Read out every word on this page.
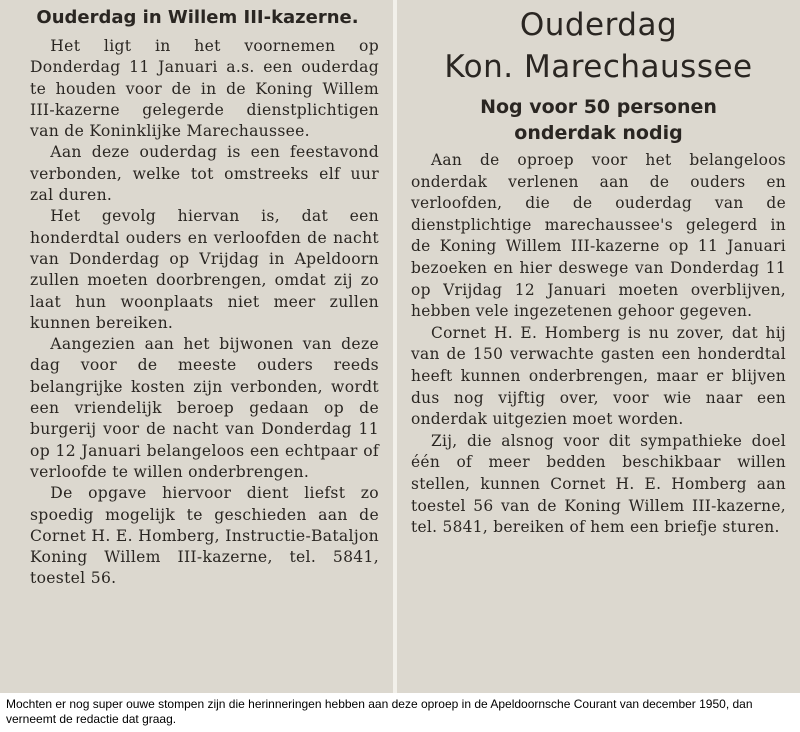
Ouderdag in Willem III-kazerne.

Het ligt in het voornemen op Donderdag 11 Januari a.s. een ouderdag te houden voor de in de Koning Willem III-kazerne gelegerde dienstplichtigen van de Koninklijke Marechaussee.

Aan deze ouderdag is een feestavond verbonden, welke tot omstreeks elf uur zal duren.

Het gevolg hiervan is, dat een honderdtal ouders en verloofden de nacht van Donderdag op Vrijdag in Apeldoorn zullen moeten doorbrengen, omdat zij zo laat hun woonplaats niet meer zullen kunnen bereiken.

Aangezien aan het bijwonen van deze dag voor de meeste ouders reeds belangrijke kosten zijn verbonden, wordt een vriendelijk beroep gedaan op de burgerij voor de nacht van Donderdag 11 op 12 Januari belangeloos een echtpaar of verloofde te willen onderbrengen.

De opgave hiervoor dient liefst zo spoedig mogelijk te geschieden aan de Cornet H. E. Homberg, Instructie-Bataljon Koning Willem III-kazerne, tel. 5841, toestel 56.

Ouderdag
Kon. Marechaussee
Nog voor 50 personen
onderdak nodig

Aan de oproep voor het belangeloos onderdak verlenen aan de ouders en verloofden, die de ouderdag van de dienstplichtige marechaussee's gelegerd in de Koning Willem III-kazerne op 11 Januari bezoeken en hier deswege van Donderdag 11 op Vrijdag 12 Januari moeten overblijven, hebben vele ingezetenen gehoor gegeven.

Cornet H. E. Homberg is nu zover, dat hij van de 150 verwachte gasten een honderdtal heeft kunnen onderbrengen, maar er blijven dus nog vijftig over, voor wie naar een onderdak uitgezien moet worden.

Zij, die alsnog voor dit sympathieke doel één of meer bedden beschikbaar willen stellen, kunnen Cornet H. E. Homberg aan toestel 56 van de Koning Willem III-kazerne, tel. 5841, bereiken of hem een briefje sturen.

Mochten er nog super ouwe stompen zijn die herinneringen hebben aan deze oproep in de Apeldoornsche Courant van december 1950, dan verneemt de redactie dat graag.
